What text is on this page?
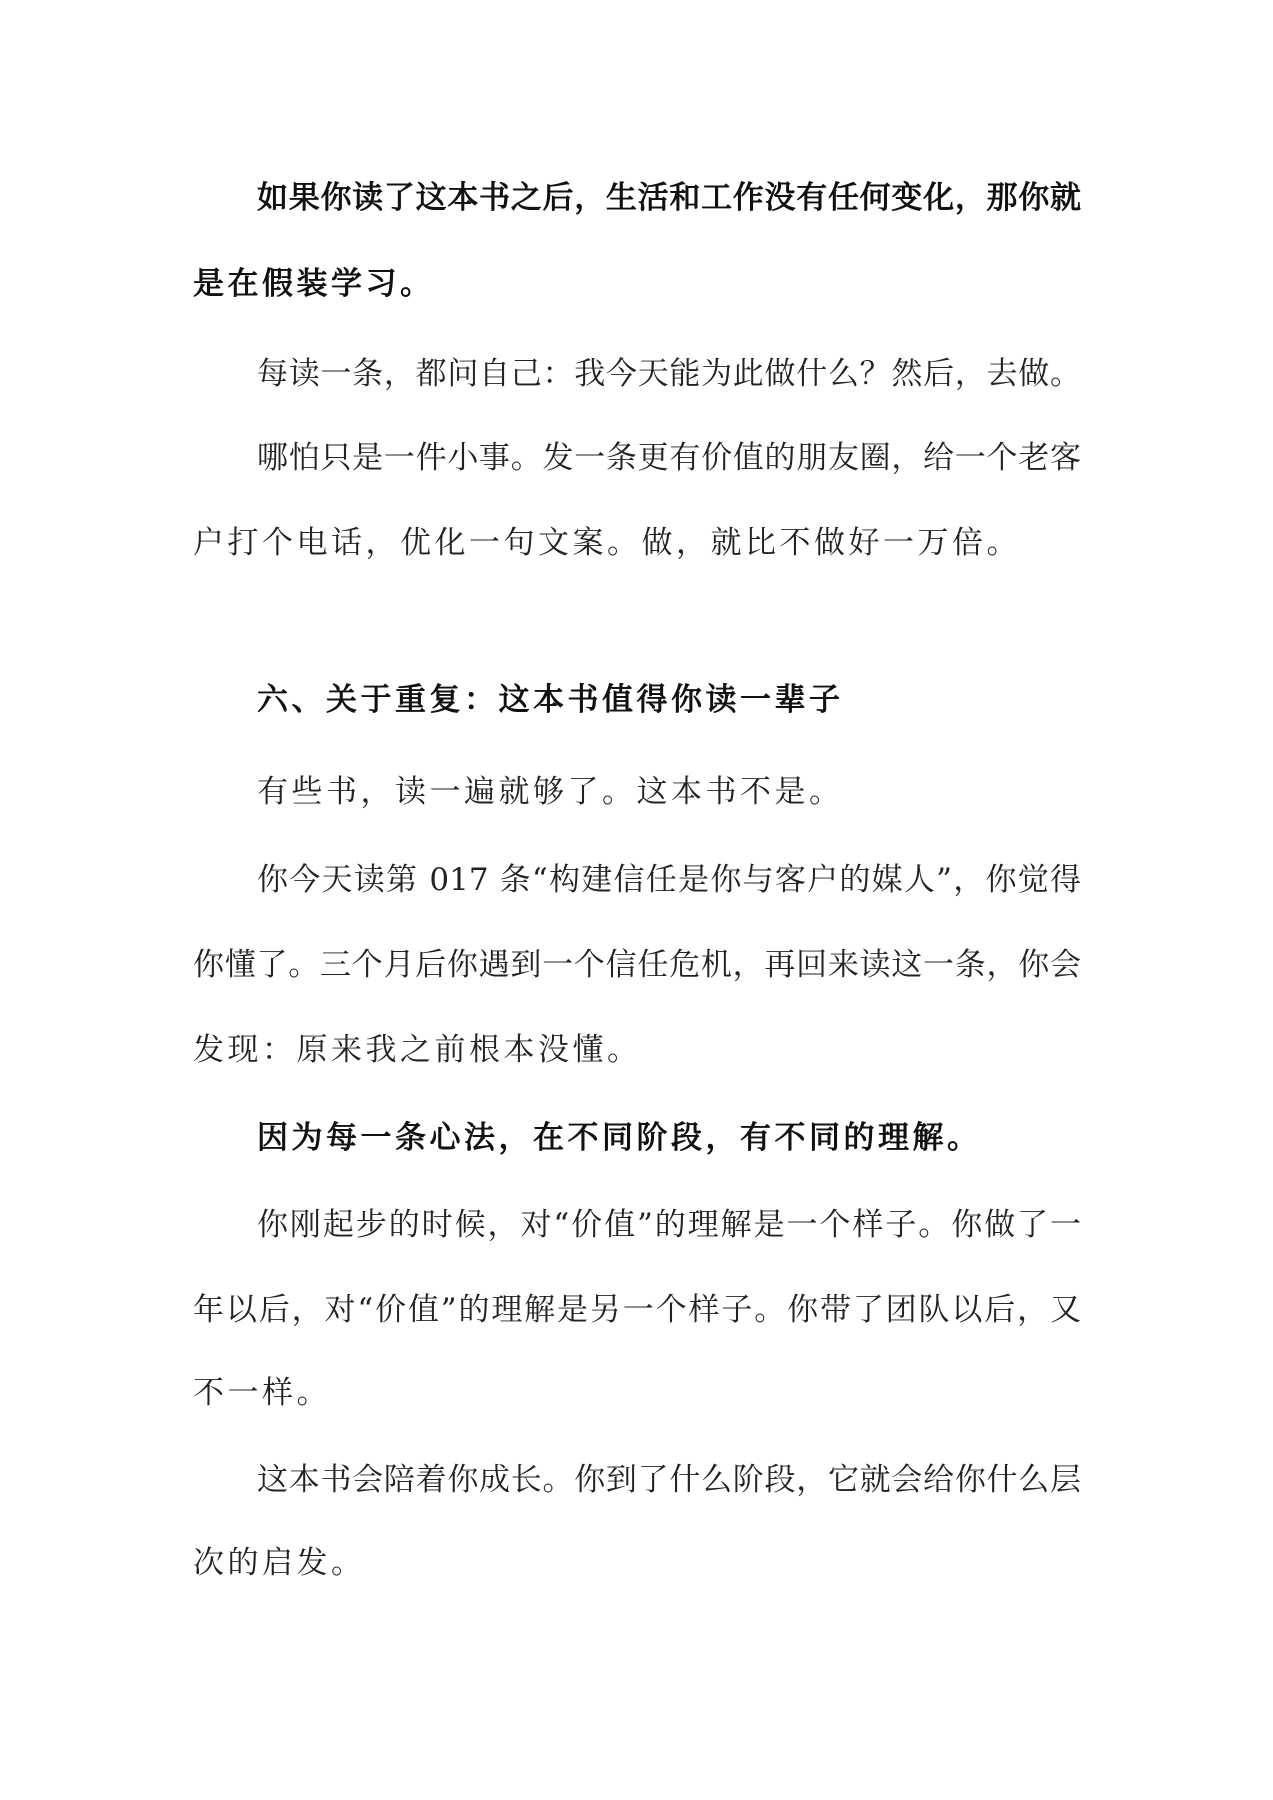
如果你读了这本书之后，生活和工作没有任何变化，那你就
是在假装学习。
每读一条，都问自己：我今天能为此做什么？然后，去做。
哪怕只是一件小事。发一条更有价值的朋友圈，给一个老客
户打个电话，优化一句文案。做，就比不做好一万倍。
六、关于重复：这本书值得你读一辈子
有些书，读一遍就够了。这本书不是。
你今天读第 017 条“构建信任是你与客户的媒人”，你觉得
你懂了。三个月后你遇到一个信任危机，再回来读这一条，你会
发现：原来我之前根本没懂。
因为每一条心法，在不同阶段，有不同的理解。
你刚起步的时候，对“价值”的理解是一个样子。你做了一
年以后，对“价值”的理解是另一个样子。你带了团队以后，又
不一样。
这本书会陪着你成长。你到了什么阶段，它就会给你什么层
次的启发。
